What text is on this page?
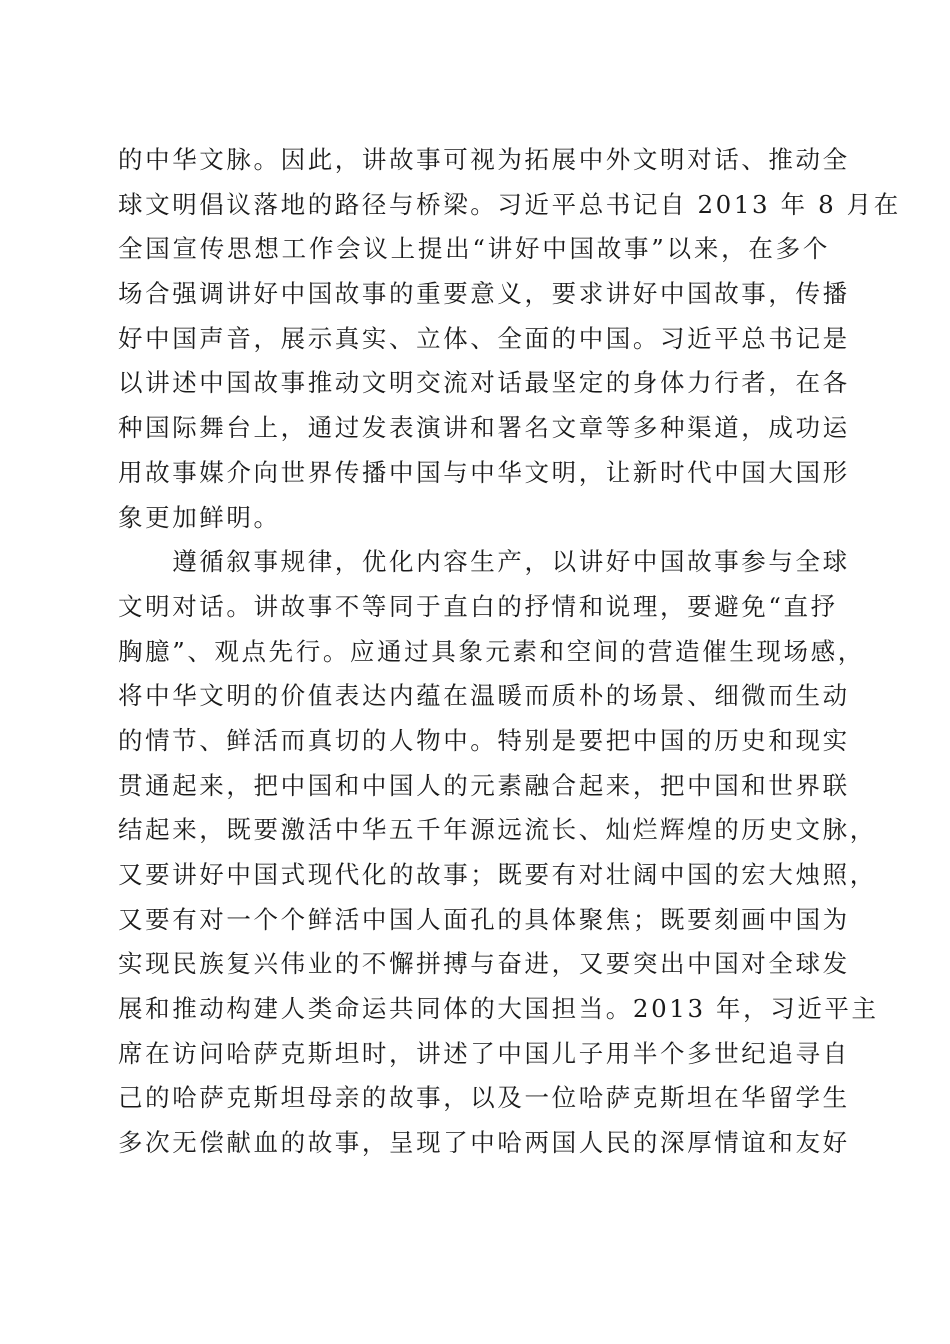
的中华文脉。因此，讲故事可视为拓展中外文明对话、推动全
球文明倡议落地的路径与桥梁。习近平总书记自 2013 年 8 月在
全国宣传思想工作会议上提出“讲好中国故事”以来，在多个
场合强调讲好中国故事的重要意义，要求讲好中国故事，传播
好中国声音，展示真实、立体、全面的中国。习近平总书记是
以讲述中国故事推动文明交流对话最坚定的身体力行者，在各
种国际舞台上，通过发表演讲和署名文章等多种渠道，成功运
用故事媒介向世界传播中国与中华文明，让新时代中国大国形
象更加鲜明。
　　遵循叙事规律，优化内容生产，以讲好中国故事参与全球
文明对话。讲故事不等同于直白的抒情和说理，要避免“直抒
胸臆”、观点先行。应通过具象元素和空间的营造催生现场感，
将中华文明的价值表达内蕴在温暖而质朴的场景、细微而生动
的情节、鲜活而真切的人物中。特别是要把中国的历史和现实
贯通起来，把中国和中国人的元素融合起来，把中国和世界联
结起来，既要激活中华五千年源远流长、灿烂辉煌的历史文脉，
又要讲好中国式现代化的故事；既要有对壮阔中国的宏大烛照，
又要有对一个个鲜活中国人面孔的具体聚焦；既要刻画中国为
实现民族复兴伟业的不懈拼搏与奋进，又要突出中国对全球发
展和推动构建人类命运共同体的大国担当。2013 年，习近平主
席在访问哈萨克斯坦时，讲述了中国儿子用半个多世纪追寻自
己的哈萨克斯坦母亲的故事，以及一位哈萨克斯坦在华留学生
多次无偿献血的故事，呈现了中哈两国人民的深厚情谊和友好
